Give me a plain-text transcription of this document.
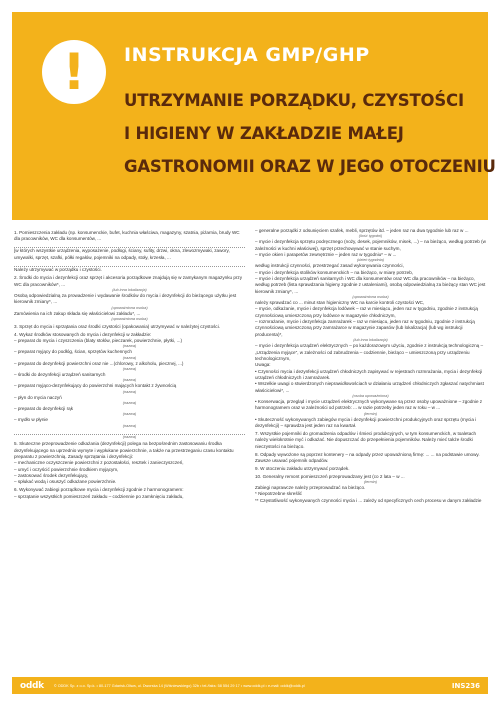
!	INSTRUKCJA GMP/GHP
UTRZYMANIE PORZĄDKU, CZYSTOŚCI
I HIGIENY W ZAKŁADZIE MAŁEJ
GASTRONOMII ORAZ W JEGO OTOCZENIU
1. Pomieszczenia zakładu (np. konsumenckie, bufet, kuchnia właściwa, magazyny, szatnia, piżarnia, brudy WC dla pracowników, WC dla konsumentów, ...
[w których wszystkie urządzenia, wyposażenie, podłogi, ściany, sufity, drzwi, okna, zlewozmywaki, zawory, umywalki, sprzęt, szafki, półki regałów, pojemniki na odpady, stoły, krzesła, ...
Należy utrzymywać w porządku i czystości.
2. Środki do mycia i dezynfekcji oraz sprzęt i akcesoria porządkowe znajdują się w zamykanym magazynku przy WC dla pracowników*, ...
(lub inna lokalizacja)
Osobą odpowiedzialną za prowadzenie i wydawanie środków do mycia i dezynfekcji do bieżącego użytku jest kierownik zmiany*, ...
(upoważniona osoba)
Zamówienia na ich zakup składa się właścicielowi zakładu*, ...
(upoważniona osoba)
3. Sprzęt do mycia i sprzątania oraz środki czystości (opakowania) utrzymywać w należytej czystości.
4. Wykaz środków stosowanych do mycia i dezynfekcji w zakładzie:
– preparat do mycia i czyszczenia (blaty stołów, pieczarek, powierzchnie, płytki, ...)
(nazwa)
– preparat myjący do podłóg, ścian, sprzętów kuchennych
(nazwa)
– preparat do dezynfekcji powierzchni oraz nie ...(chlorowy, z alkoholu, piecznej, ...)
(nazwa)
– środki do dezynfekcji urządzeń sanitarnych
(nazwa)
– preparat myjąco-dezynfekujący do powierzchni mających kontakt z żywnością
(nazwa)
– płyn do mycia naczyń
(nazwa)
– preparat do dezynfekcji rąk
(nazwa)
– mydło w płynie
(nazwa)
(nazwa)
5. Skuteczne przeprowadzenie odkażania (dezynfekcji) polega na bezpośrednim zastosowaniu środka dezynfekującego na uprzednio wymyte i wypłukane powierzchnie, a także na przestrzeganiu czasu kontaktu preparatu z powierzchnią. Zasady sprzątania i dezynfekcji:
– mechaniczne oczyszczenie powierzchni z pozostałości, resztek i zanieczyszczeń,
– umyć i oczyścić powierzchnie środkiem myjącym,
– zastosować środek dezynfekujący,
– spłukać wodą i osuszyć odkażane powierzchnie.
6. Wykonywać zabiegi porządkowe mycia i dezynfekcji zgodnie z harmonogramem:
– sprzątanie wszystkich pomieszczeń zakładu – codziennie po zamknięciu zakładu,
– generalne porządki z odsunięciem szafek, mebli, sprzętów itd. – jeden raz na dwa tygodnie lub raz w ...
(ilość tygodni)
– mycie i dezynfekcja sprzętu podręcznego (noży, desek, pojemników, misek, ...) – na bieżąco, według potrzeb (w zależności w kuchni właściwej), sprzęt przechowywać w stanie suchym,
– mycie okien i parapetów zewnętrznie – jeden raz w tygodniu* – w ...
(dzień tygodnia)
według instrukcji czynności, przestrzegać zasad wykonywania czynności,
– mycie i dezynfekcja stolików konsumenckich – na bieżąco, w miarę potrzeb,
– mycie i dezynfekcja urządzeń sanitarnych i WC dla konsumentów oraz WC dla pracowników – na bieżąco, według potrzeb (lista sprawdzania higieny zgodnie z ustaleniami), osobą odpowiedzialną za bieżący stan WC jest kierownik zmiany*, ...
(upoważniona osoba)
należy sprawdzać co ... minut stan higieniczny WC na karcie kontroli czystości WC,
– mycie, odkażanie, mycie i dezynfekcja lodówek – raz w miesiącu, jeden raz w tygodniu, zgodnie z instrukcją czynnościową umieszczoną przy lodówce w magazynie chłodniczym,
– rozmrażanie, mycie i dezynfekcja zamrażarek – raz w miesiącu, jeden raz w tygodniu, zgodnie z instrukcją czynnościową umieszczoną przy zamrażarce w magazynie zapasów (lub lokalizacja) (lub wg instrukcji producenta)*,
(lub inna lokalizacja)
– mycie i dezynfekcja urządzeń elektrycznych – po każdorazowym użyciu, zgodnie z instrukcją technologiczną – „Urządzenia myjące", w zależności od zabrudzenia – codziennie, bieżąco – umieszczoną przy urządzeniu technologicznym,
Uwaga:
• Czynności mycia i dezynfekcji urządzeń chłodniczych zapisywać w rejestrach rozmrażania, mycia i dezynfekcji urządzeń chłodniczych i zamrażarek.
• Wszelkie uwagi o stwierdzonych nieprawidłowościach w działaniu urządzeń chłodniczych zgłaszać natychmiast właścicielowi*, ...
(osoba upoważniona)
• Konserwacja, przegląd i mycie urządzeń elektrycznych wykonywane są przez osoby upoważnione – zgodnie z harmonogramem oraz w zależności od potrzeb: ... w razie potrzeby jeden raz w roku – w ...
(termin)
• Skuteczność wykonywanych zabiegów mycia i dezynfekcji powierzchni produkcyjnych oraz sprzętu (mycia i dezynfekcji) – sprawdza jest jeden raz na kwartał.
7. Wszystkie pojemniki do gromadzenia odpadów i śmieci produkcyjnych, w tym konsumenckich, w toaletach należy wielokrotnie myć i odkażać. Nie dopuszczać do przepełnienia pojemników. Należy mieć także środki nieczystości na bieżąco.
8. Odpady wywożone są poprzez kontenery – na odpady przez upoważnioną firmę: ... ... na podstawie umowy. Zawsze usuwać pojemnik odpadów.
9. W otoczeniu zakładu utrzymywać porządek.
10. Generalny remont pomieszczeń przeprowadzany jest (co 2 lata – w ...
(termin)
Zabiegi naprawcze należy przeprowadzać na bieżąco.
* Niepotrzebne skreślić
** Częstotliwość wykonywanych czynności mycia i ... zależy od specyficznych cech procesu w danym zakładzie
oddk	© ODDK Sp. z o.o. Sp.k. • 80-177 Gdańsk-Oliwa, ul. Dworska 14 (Wiśniewskiego) 32b • tel./faks: 58 554 29 17 • www.oddk.pl • e-mail: oddk@oddk.pl	INS236
